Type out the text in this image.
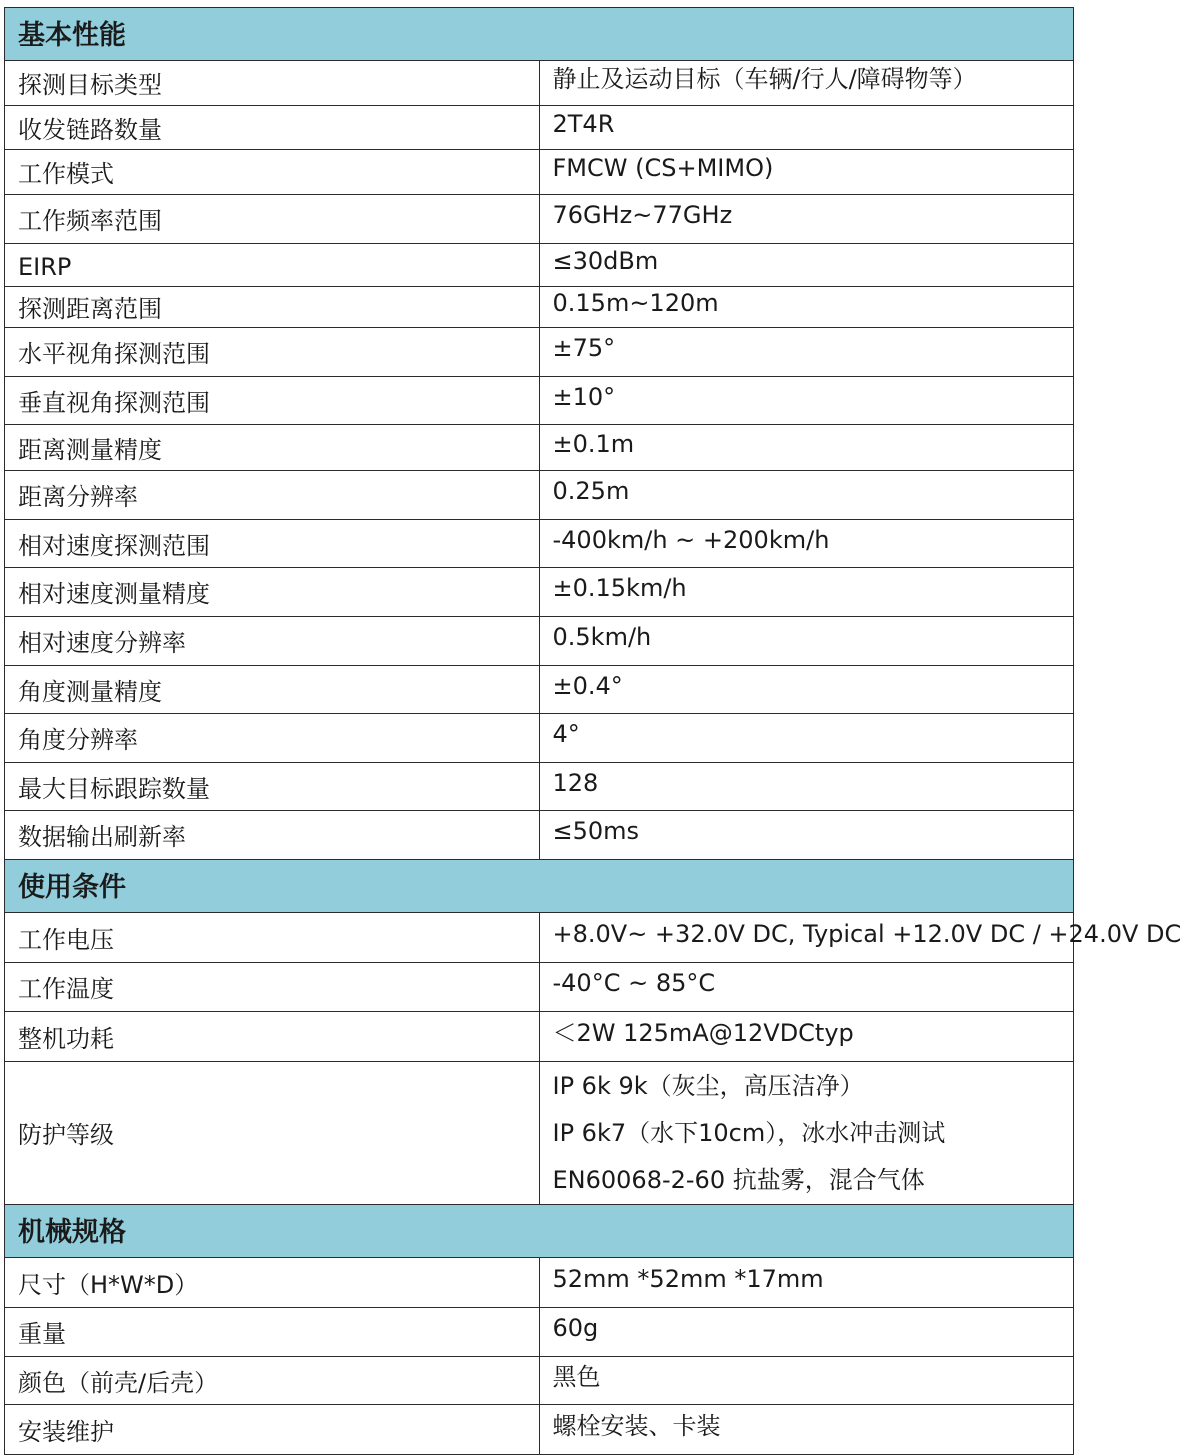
基本性能	
探测目标类型	静止及运动目标（车辆/行人/障碍物等）
收发链路数量	2T4R
工作模式	FMCW (CS+MIMO)
工作频率范围	76GHz~77GHz
EIRP	≤30dBm
探测距离范围	0.15m~120m
水平视角探测范围	±75°
垂直视角探测范围	±10°
距离测量精度	±0.1m
距离分辨率	0.25m
相对速度探测范围	-400km/h ~ +200km/h
相对速度测量精度	±0.15km/h
相对速度分辨率	0.5km/h
角度测量精度	±0.4°
角度分辨率	4°
最大目标跟踪数量	128
数据输出刷新率	≤50ms
使用条件	
工作电压	+8.0V~ +32.0V DC, Typical +12.0V DC / +24.0V DC
工作温度	-40°C ~ 85°C
整机功耗	＜2W 125mA@12VDCtyp
防护等级	IP 6k 9k（灰尘，高压洁净）
IP 6k7（水下10cm），冰水冲击测试
EN60068-2-60 抗盐雾，混合气体

机械规格	
尺寸（H*W*D）	52mm *52mm *17mm
重量	60g
颜色（前壳/后壳）	黑色
安装维护	螺栓安装、卡装
